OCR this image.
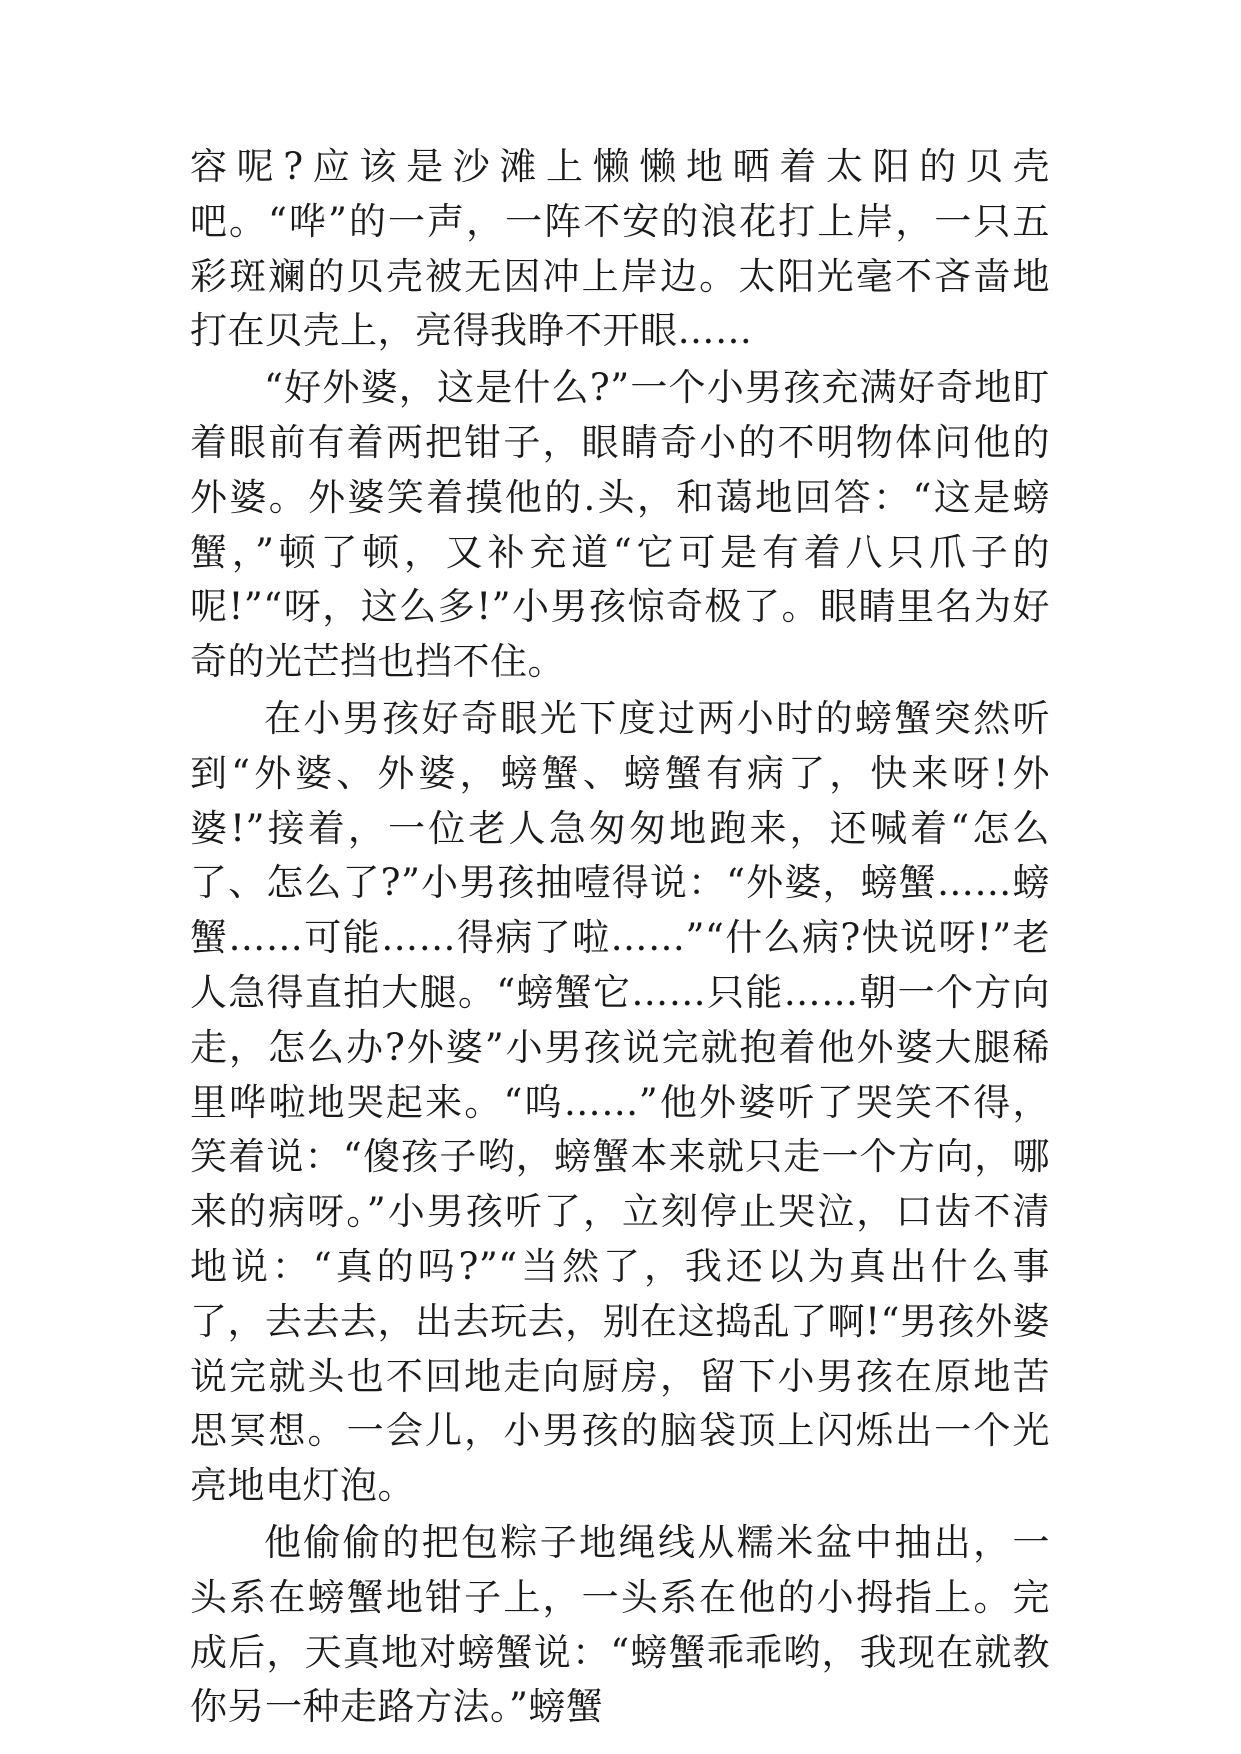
容呢?应该是沙滩上懒懒地晒着太阳的贝壳吧。“哗”的一声，一阵不安的浪花打上岸，一只五彩斑斓的贝壳被无因冲上岸边。太阳光毫不吝啬地打在贝壳上，亮得我睁不开眼……

“好外婆，这是什么?”一个小男孩充满好奇地盯着眼前有着两把钳子，眼睛奇小的不明物体问他的外婆。外婆笑着摸他的.头，和蔼地回答：“这是螃蟹，”顿了顿，又补充道“它可是有着八只爪子的呢!”“呀，这么多!”小男孩惊奇极了。眼睛里名为好奇的光芒挡也挡不住。

在小男孩好奇眼光下度过两小时的螃蟹突然听到“外婆、外婆，螃蟹、螃蟹有病了，快来呀!外婆!”接着，一位老人急匆匆地跑来，还喊着“怎么了、怎么了?”小男孩抽噎得说：“外婆，螃蟹……螃蟹……可能……得病了啦……”“什么病?快说呀!”老人急得直拍大腿。“螃蟹它……只能……朝一个方向走，怎么办?外婆”小男孩说完就抱着他外婆大腿稀里哗啦地哭起来。“呜……”他外婆听了哭笑不得，笑着说：“傻孩子哟，螃蟹本来就只走一个方向，哪来的病呀。”小男孩听了，立刻停止哭泣，口齿不清地说：“真的吗?”“当然了，我还以为真出什么事了，去去去，出去玩去，别在这捣乱了啊!“男孩外婆说完就头也不回地走向厨房，留下小男孩在原地苦思冥想。一会儿，小男孩的脑袋顶上闪烁出一个光亮地电灯泡。

他偷偷的把包粽子地绳线从糯米盆中抽出，一头系在螃蟹地钳子上，一头系在他的小拇指上。完成后，天真地对螃蟹说：“螃蟹乖乖哟，我现在就教你另一种走路方法。”螃蟹
